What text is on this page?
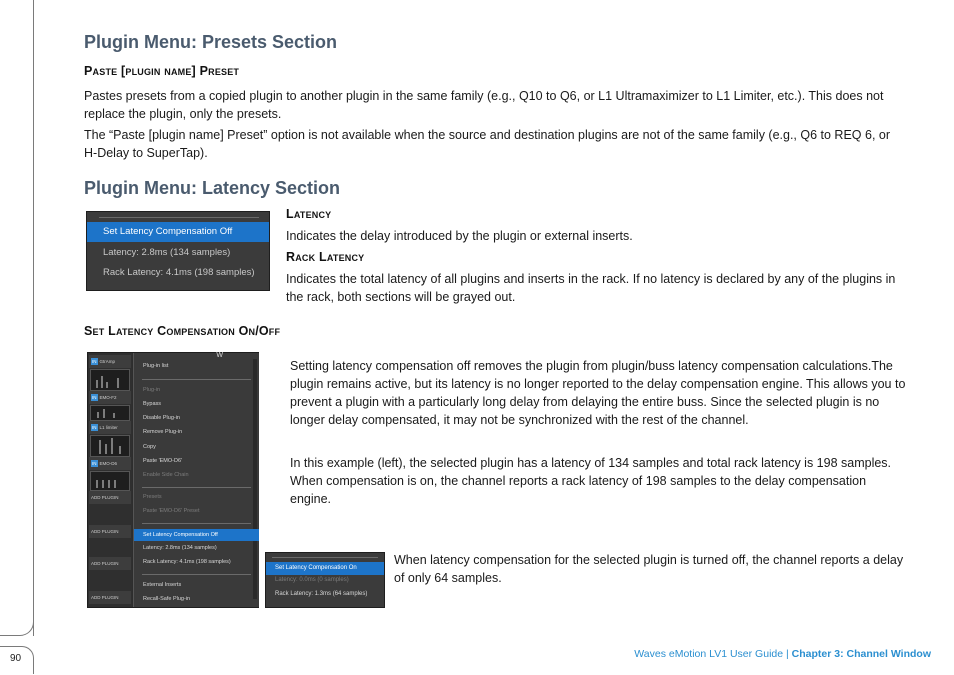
90
Plugin Menu: Presets Section
Paste [plugin name] Preset

Pastes presets from a copied plugin to another plugin in the same family (e.g., Q10 to Q6, or L1 Ultramaximizer to L1 Limiter, etc.). This does not replace the plugin, only the presets.

The “Paste [plugin name] Preset” option is not available when the source and destination plugins are not of the same family (e.g., Q6 to REQ 6, or H-Delay to SuperTap).

Plugin Menu: Latency Section
Set Latency Compensation Off
Latency: 2.8ms (134 samples)
Rack Latency: 4.1ms (198 samples)
Latency

Indicates the delay introduced by the plugin or external inserts.

Rack Latency

Indicates the total latency of all plugins and inserts in the rack. If no latency is declared by any of the plugins in the rack, both sections will be grayed out.

Set Latency Compensation On/Off
IN GtrAmp
IN EMO-F2
IN L1 limiter
IN EMO-D6
ADD PLUGIN
ADD PLUGIN
ADD PLUGIN
ADD PLUGIN
W
Plug-in list
Plug-in
Bypass
Disable Plug-in
Remove Plug-in
Copy
Paste 'EMO-D6'
Enable Side Chain
Presets
Paste 'EMO-D6' Preset
Set Latency Compensation Off
Latency: 2.8ms (134 samples)
Rack Latency: 4.1ms (198 samples)
External Inserts
Recall-Safe Plug-in

Setting latency compensation off removes the plugin from plugin/buss latency compensation calculations.The plugin remains active, but its latency is no longer reported to the delay compensation engine. This allows you to prevent a plugin with a particularly long delay from delaying the entire buss. Since the selected plugin is no longer delay compensated, it may not be synchronized with the rest of the channel.

In this example (left), the selected plugin has a latency of 134 samples and total rack latency is 198 samples. When compensation is on, the channel reports a rack latency of 198 samples to the delay compensation engine.

Set Latency Compensation On
Latency: 0.0ms (0 samples)
Rack Latency: 1.3ms (64 samples)

When latency compensation for the selected plugin is turned off, the channel reports a delay of only 64 samples.

Waves eMotion LV1 User Guide | Chapter 3: Channel Window
